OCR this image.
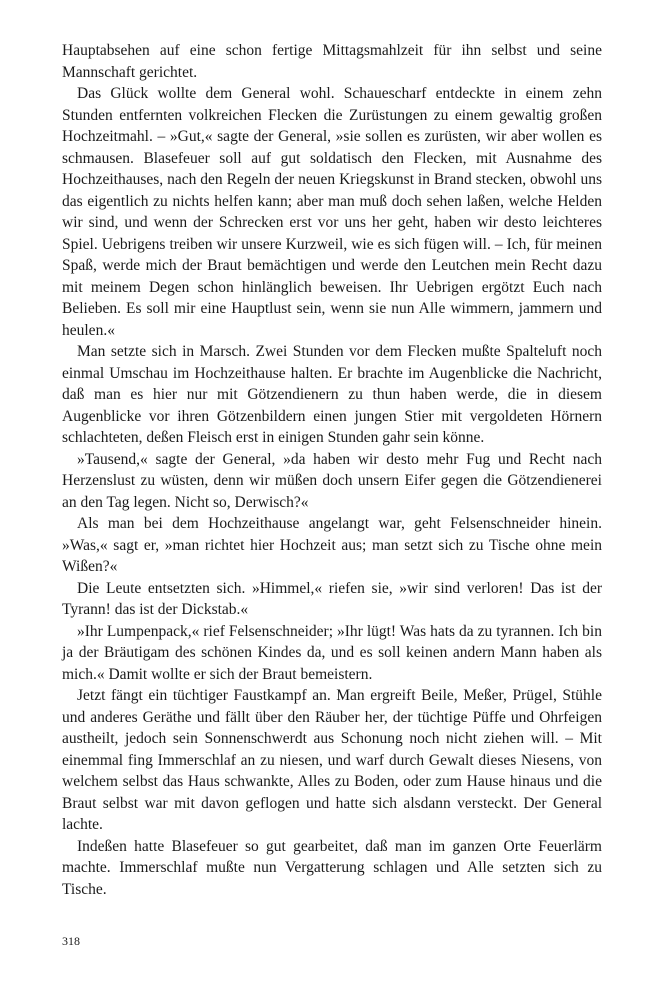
Hauptabsehen auf eine schon fertige Mittagsmahlzeit für ihn selbst und seine Mannschaft gerichtet.

Das Glück wollte dem General wohl. Schauescharf entdeckte in einem zehn Stunden entfernten volkreichen Flecken die Zurüstungen zu einem gewaltig großen Hochzeitmahl. – »Gut,« sagte der General, »sie sollen es zurüsten, wir aber wollen es schmausen. Blasefeuer soll auf gut soldatisch den Flecken, mit Ausnahme des Hochzeithauses, nach den Regeln der neuen Kriegskunst in Brand stecken, obwohl uns das eigentlich zu nichts helfen kann; aber man muß doch sehen laßen, welche Helden wir sind, und wenn der Schrecken erst vor uns her geht, haben wir desto leichteres Spiel. Uebrigens treiben wir unsere Kurzweil, wie es sich fügen will. – Ich, für meinen Spaß, werde mich der Braut bemächtigen und werde den Leutchen mein Recht dazu mit meinem Degen schon hinlänglich beweisen. Ihr Uebrigen ergötzt Euch nach Belieben. Es soll mir eine Hauptlust sein, wenn sie nun Alle wimmern, jammern und heulen.«

Man setzte sich in Marsch. Zwei Stunden vor dem Flecken mußte Spalteluft noch einmal Umschau im Hochzeithause halten. Er brachte im Augenblicke die Nachricht, daß man es hier nur mit Götzendienern zu thun haben werde, die in diesem Augenblicke vor ihren Götzenbildern einen jungen Stier mit vergoldeten Hörnern schlachteten, deßen Fleisch erst in einigen Stunden gahr sein könne.

»Tausend,« sagte der General, »da haben wir desto mehr Fug und Recht nach Herzenslust zu wüsten, denn wir müßen doch unsern Eifer gegen die Götzendienerei an den Tag legen. Nicht so, Derwisch?«

Als man bei dem Hochzeithause angelangt war, geht Felsenschneider hinein. »Was,« sagt er, »man richtet hier Hochzeit aus; man setzt sich zu Tische ohne mein Wißen?«

Die Leute entsetzten sich. »Himmel,« riefen sie, »wir sind verloren! Das ist der Tyrann! das ist der Dickstab.«

»Ihr Lumpenpack,« rief Felsenschneider; »Ihr lügt! Was hats da zu tyrannen. Ich bin ja der Bräutigam des schönen Kindes da, und es soll keinen andern Mann haben als mich.« Damit wollte er sich der Braut bemeistern.

Jetzt fängt ein tüchtiger Faustkampf an. Man ergreift Beile, Meßer, Prügel, Stühle und anderes Geräthe und fällt über den Räuber her, der tüchtige Püffe und Ohrfeigen austheilt, jedoch sein Sonnenschwerdt aus Schonung noch nicht ziehen will. – Mit einemmal fing Immerschlaf an zu niesen, und warf durch Gewalt dieses Niesens, von welchem selbst das Haus schwankte, Alles zu Boden, oder zum Hause hinaus und die Braut selbst war mit davon geflogen und hatte sich alsdann versteckt. Der General lachte.

Indeßen hatte Blasefeuer so gut gearbeitet, daß man im ganzen Orte Feuerlärm machte. Immerschlaf mußte nun Vergatterung schlagen und Alle setzten sich zu Tische.

318
